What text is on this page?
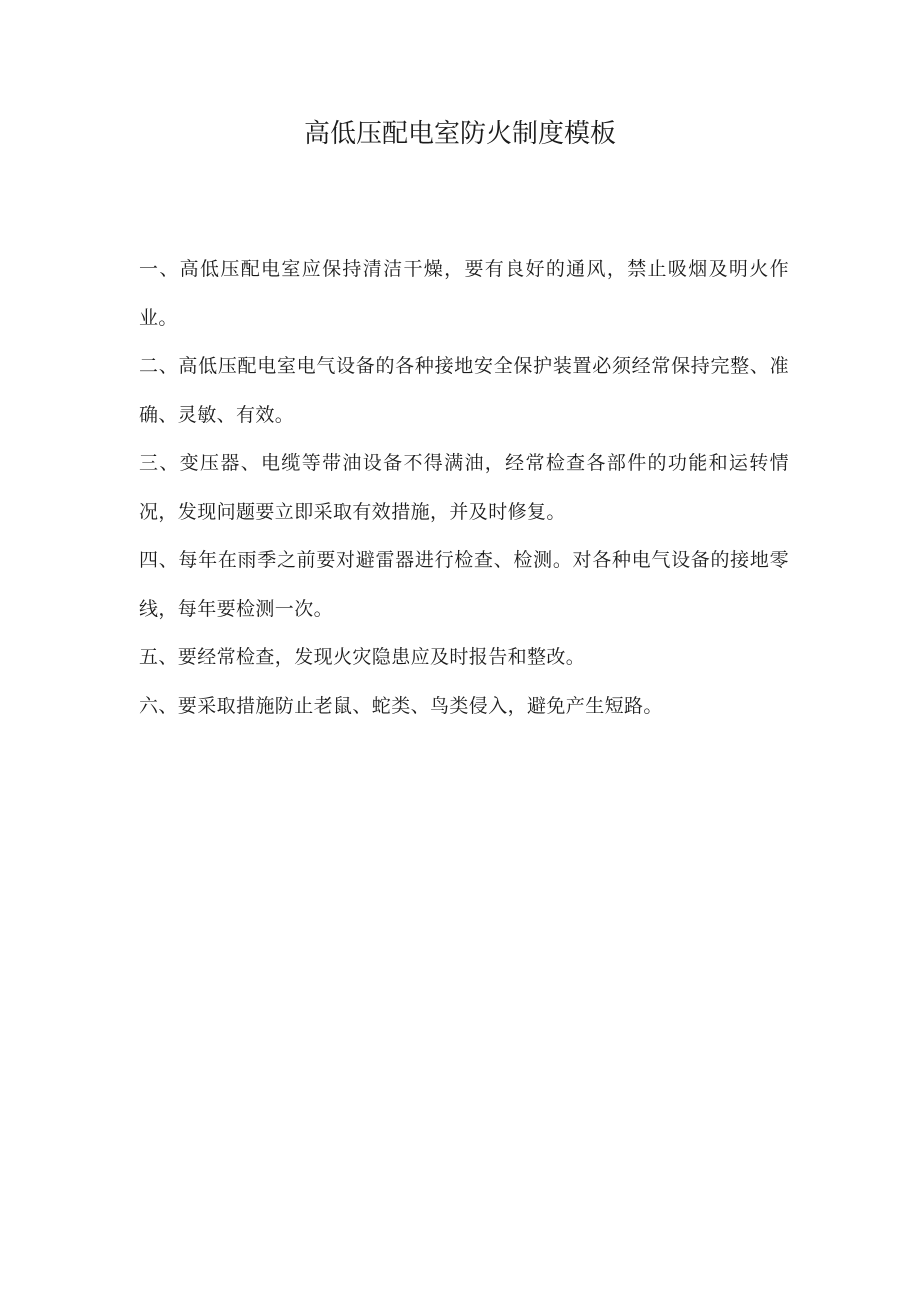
高低压配电室防火制度模板
一、高低压配电室应保持清洁干燥，要有良好的通风，禁止吸烟及明火作业。
二、高低压配电室电气设备的各种接地安全保护装置必须经常保持完整、准确、灵敏、有效。
三、变压器、电缆等带油设备不得满油，经常检查各部件的功能和运转情况，发现问题要立即采取有效措施，并及时修复。
四、每年在雨季之前要对避雷器进行检查、检测。对各种电气设备的接地零线，每年要检测一次。
五、要经常检查，发现火灾隐患应及时报告和整改。
六、要采取措施防止老鼠、蛇类、鸟类侵入，避免产生短路。
